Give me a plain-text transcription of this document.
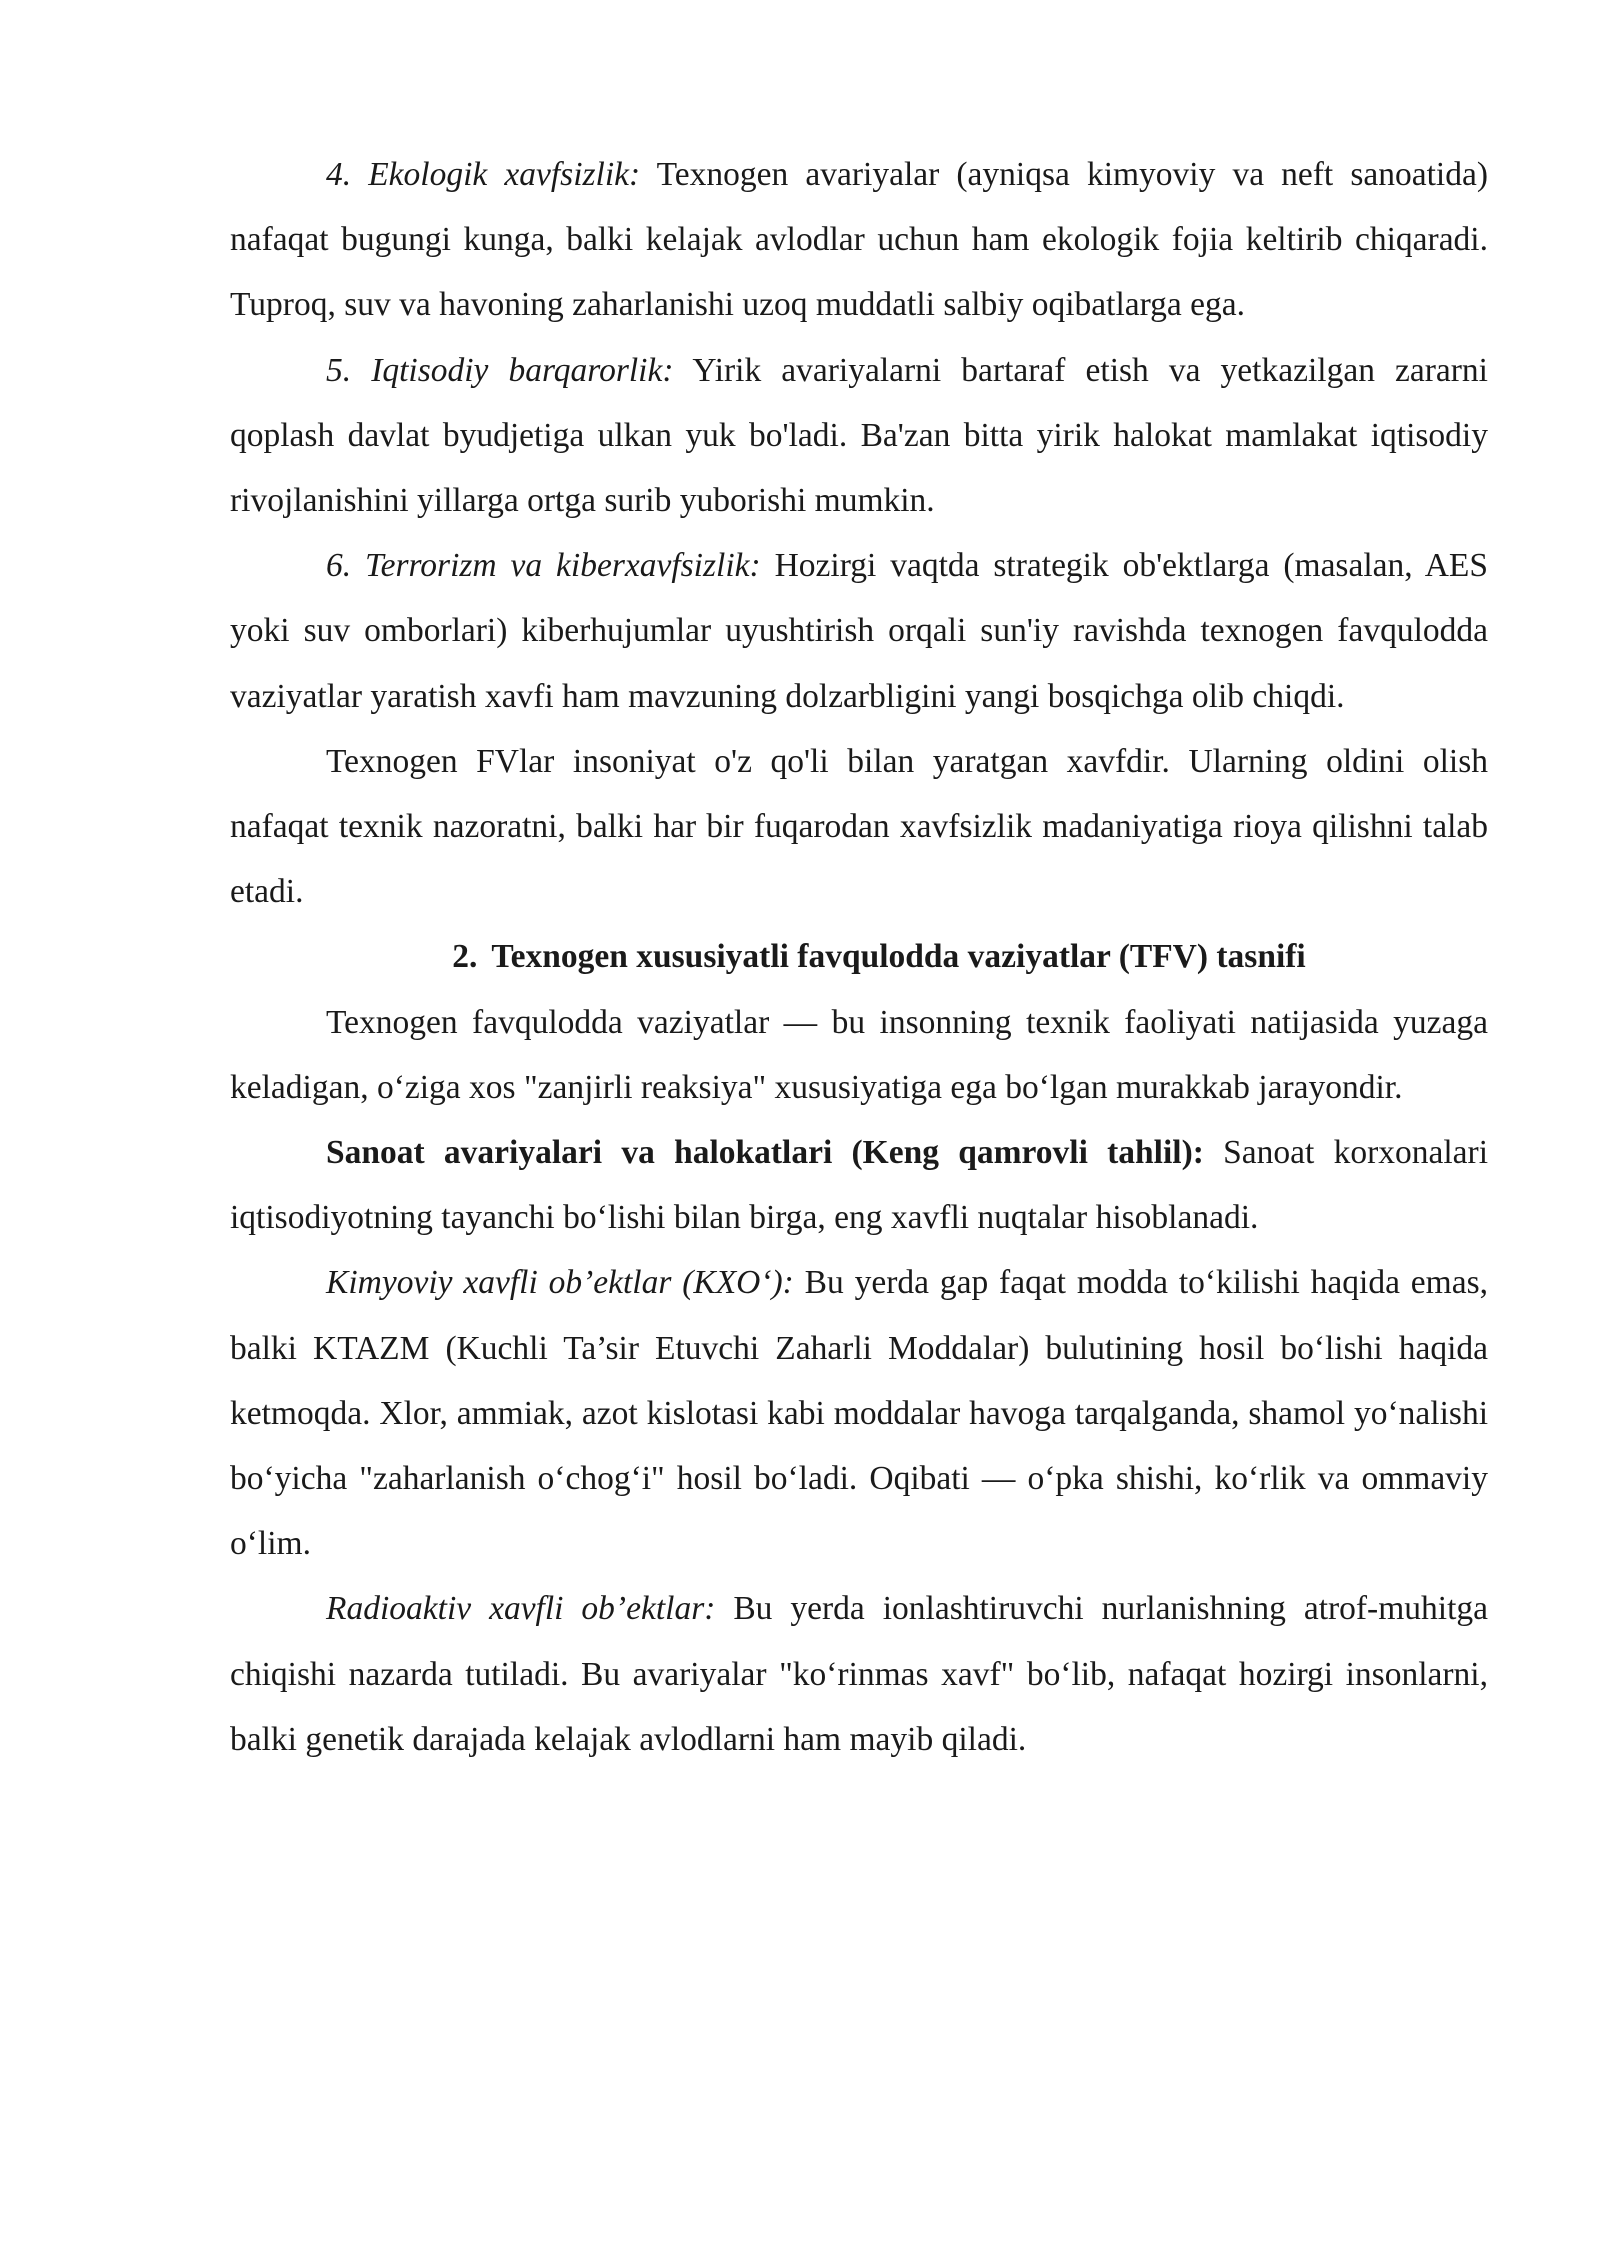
4. Ekologik xavfsizlik: Texnogen avariyalar (ayniqsa kimyoviy va neft sanoatida) nafaqat bugungi kunga, balki kelajak avlodlar uchun ham ekologik fojia keltirib chiqaradi. Tuproq, suv va havoning zaharlanishi uzoq muddatli salbiy oqibatlarga ega.

5. Iqtisodiy barqarorlik: Yirik avariyalarni bartaraf etish va yetkazilgan zararni qoplash davlat byudjetiga ulkan yuk bo'ladi. Ba'zan bitta yirik halokat mamlakat iqtisodiy rivojlanishini yillarga ortga surib yuborishi mumkin.

6. Terrorizm va kiberxavfsizlik: Hozirgi vaqtda strategik ob'ektlarga (masalan, AES yoki suv omborlari) kiberhujumlar uyushtirish orqali sun'iy ravishda texnogen favqulodda vaziyatlar yaratish xavfi ham mavzuning dolzarbligini yangi bosqichga olib chiqdi.

Texnogen FVlar insoniyat o'z qo'li bilan yaratgan xavfdir. Ularning oldini olish nafaqat texnik nazoratni, balki har bir fuqarodan xavfsizlik madaniyatiga rioya qilishni talab etadi.

2. Texnogen xususiyatli favqulodda vaziyatlar (TFV) tasnifi

Texnogen favqulodda vaziyatlar — bu insonning texnik faoliyati natijasida yuzaga keladigan, o‘ziga xos "zanjirli reaksiya" xususiyatiga ega bo‘lgan murakkab jarayondir.

Sanoat avariyalari va halokatlari (Keng qamrovli tahlil): Sanoat korxonalari iqtisodiyotning tayanchi bo‘lishi bilan birga, eng xavfli nuqtalar hisoblanadi.

Kimyoviy xavfli ob’ektlar (KXO‘): Bu yerda gap faqat modda to‘kilishi haqida emas, balki KTAZM (Kuchli Ta’sir Etuvchi Zaharli Moddalar) bulutining hosil bo‘lishi haqida ketmoqda. Xlor, ammiak, azot kislotasi kabi moddalar havoga tarqalganda, shamol yo‘nalishi bo‘yicha "zaharlanish o‘chog‘i" hosil bo‘ladi. Oqibati — o‘pka shishi, ko‘rlik va ommaviy o‘lim.

Radioaktiv xavfli ob’ektlar: Bu yerda ionlashtiruvchi nurlanishning atrof-muhitga chiqishi nazarda tutiladi. Bu avariyalar "ko‘rinmas xavf" bo‘lib, nafaqat hozirgi insonlarni, balki genetik darajada kelajak avlodlarni ham mayib qiladi.
